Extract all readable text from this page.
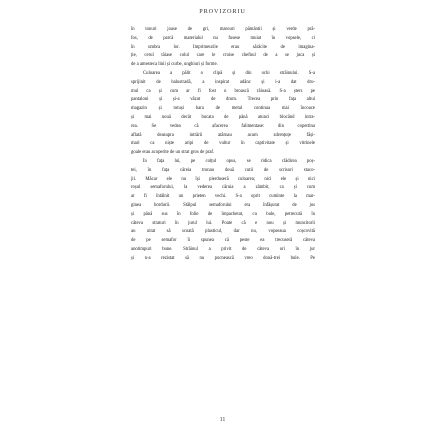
PROVIZORIU
în tonuri joase de gri, marouri pământii și verde pră-
fos, de parcă materialul nu fusese muiat în vopsele, ci
în umbra lor. Imprimeurile erau sărăcite de imagina-
ție, cerul tăiase colul care le croise chefnul de a se juca și
de a amesteca linii și curbe, unghiuri și forme.
Culoarea a pălit o clipă și din ochi străinului. S-a
sprijinit de balustradă, a inspirat adânc și i-a dat dru-
mul ca și cum ar fi fost o broască râioasă. S-a șters pe
pantaloni și și-a văzut de drum. Trecea prin fața altui
magazin și totuși bara de metal continua mai încoace
și mai nouă decât bucata de până atunci blocând intra-
rea. Se vedea că afacerea falimentase: din copertina
aflată deasupra intrării atârnau acum zdrențuțe făși-
mari ca niște aripi de vultur în captivitate și vitrinele
goale erau acoperite de un strat gros de praf.
În fața lui, pe colțul opus, se ridica clădirea poș-
tei, în fața căreia tronau două cutii de scrisori staco-
jii. Măcar ele nu își pierduseră culoarea; nici ele și nici
roșul semaforului, la vederea căruia a zâmbit, ca și cum
ar fi întâlnit un prieten vechi. S-a oprit cuminte la mar-
ginea bordurii. Stâlpul semaforului era înfășurat de jos
și până sus în folie de împachetat, cu bule, petrecută în
câteva straturi în jurul lui. Poate că e nou și muncitorii
au uitat să scoată plasticul, dar nu, vopseaua coșcovită
de pe semafor îi spunea că peste ea trecuseră câteva
anotimpuri bune. Străinul a privit de câteva ori în jur
și n-a rezistat să nu pocnească vreo două-trei bule. Pe
11
